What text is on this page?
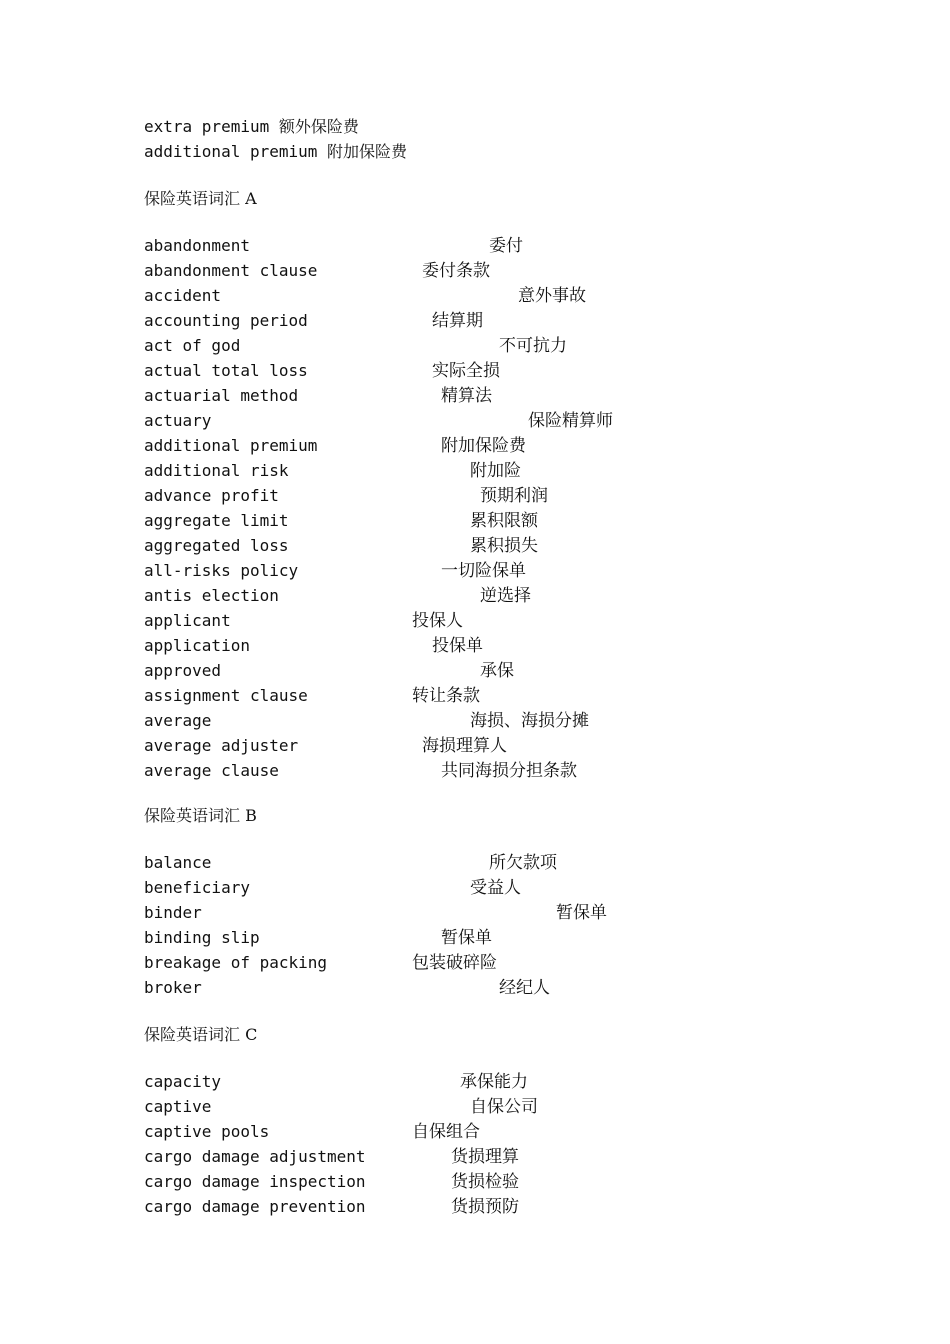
extra premium 额外保险费
additional premium 附加保险费
保险英语词汇 A
abandonment	委付
abandonment clause	委付条款
accident	意外事故
accounting period	结算期
act of god	不可抗力
actual total loss	实际全损
actuarial method	精算法
actuary	保险精算师
additional premium	附加保险费
additional risk	附加险
advance profit	预期利润
aggregate limit	累积限额
aggregated loss	累积损失
all-risks policy	一切险保单
antis election	逆选择
applicant	投保人
application	投保单
approved	承保
assignment clause	转让条款
average	海损、海损分摊
average adjuster	海损理算人
average clause	共同海损分担条款
保险英语词汇 B
balance	所欠款项
beneficiary	受益人
binder	暂保单
binding slip	暂保单
breakage of packing	包装破碎险
broker	经纪人
保险英语词汇 C
capacity	承保能力
captive	自保公司
captive pools	自保组合
cargo damage adjustment	货损理算
cargo damage inspection	货损检验
cargo damage prevention	货损预防
